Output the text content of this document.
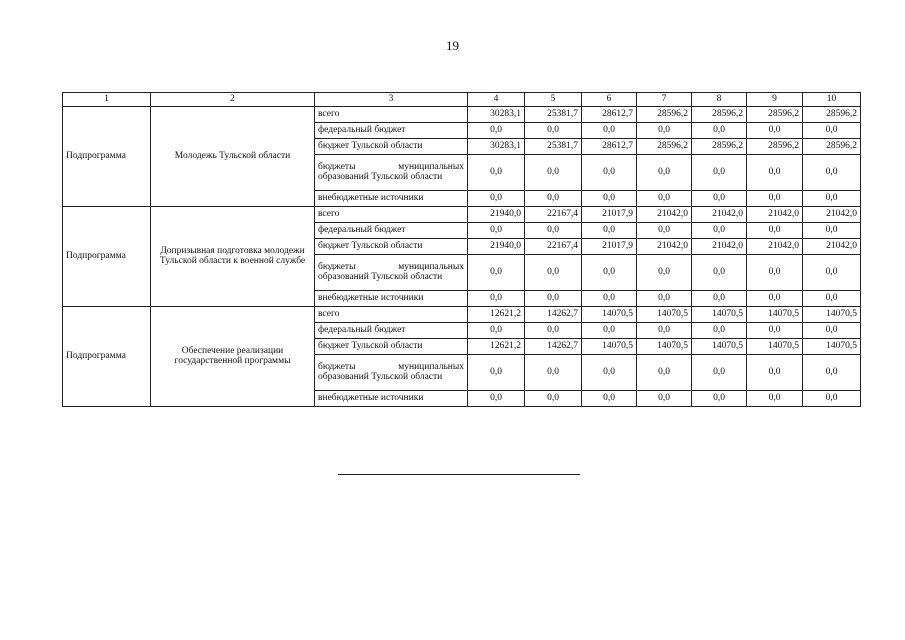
19
1	2	3	4	5	6	7	8	9	10
Подпрограмма	Молодежь Тульской области	всего	30283,1	25381,7	28612,7	28596,2	28596,2	28596,2	28596,2
		федеральный бюджет	0,0	0,0	0,0	0,0	0,0	0,0	0,0
		бюджет Тульской области	30283,1	25381,7	28612,7	28596,2	28596,2	28596,2	28596,2
		бюджеты муниципальных образований Тульской области	0,0	0,0	0,0	0,0	0,0	0,0	0,0
		внебюджетные источники	0,0	0,0	0,0	0,0	0,0	0,0	0,0
Подпрограмма	Допризывная подготовка молодежи Тульской области к военной службе	всего	21940,0	22167,4	21017,9	21042,0	21042,0	21042,0	21042,0
		федеральный бюджет	0,0	0,0	0,0	0,0	0,0	0,0	0,0
		бюджет Тульской области	21940,0	22167,4	21017,9	21042,0	21042,0	21042,0	21042,0
		бюджеты муниципальных образований Тульской области	0,0	0,0	0,0	0,0	0,0	0,0	0,0
		внебюджетные источники	0,0	0,0	0,0	0,0	0,0	0,0	0,0
Подпрограмма	Обеспечение реализации государственной программы	всего	12621,2	14262,7	14070,5	14070,5	14070,5	14070,5	14070,5
		федеральный бюджет	0,0	0,0	0,0	0,0	0,0	0,0	0,0
		бюджет Тульской области	12621,2	14262,7	14070,5	14070,5	14070,5	14070,5	14070,5
		бюджеты муниципальных образований Тульской области	0,0	0,0	0,0	0,0	0,0	0,0	0,0
		внебюджетные источники	0,0	0,0	0,0	0,0	0,0	0,0	0,0
